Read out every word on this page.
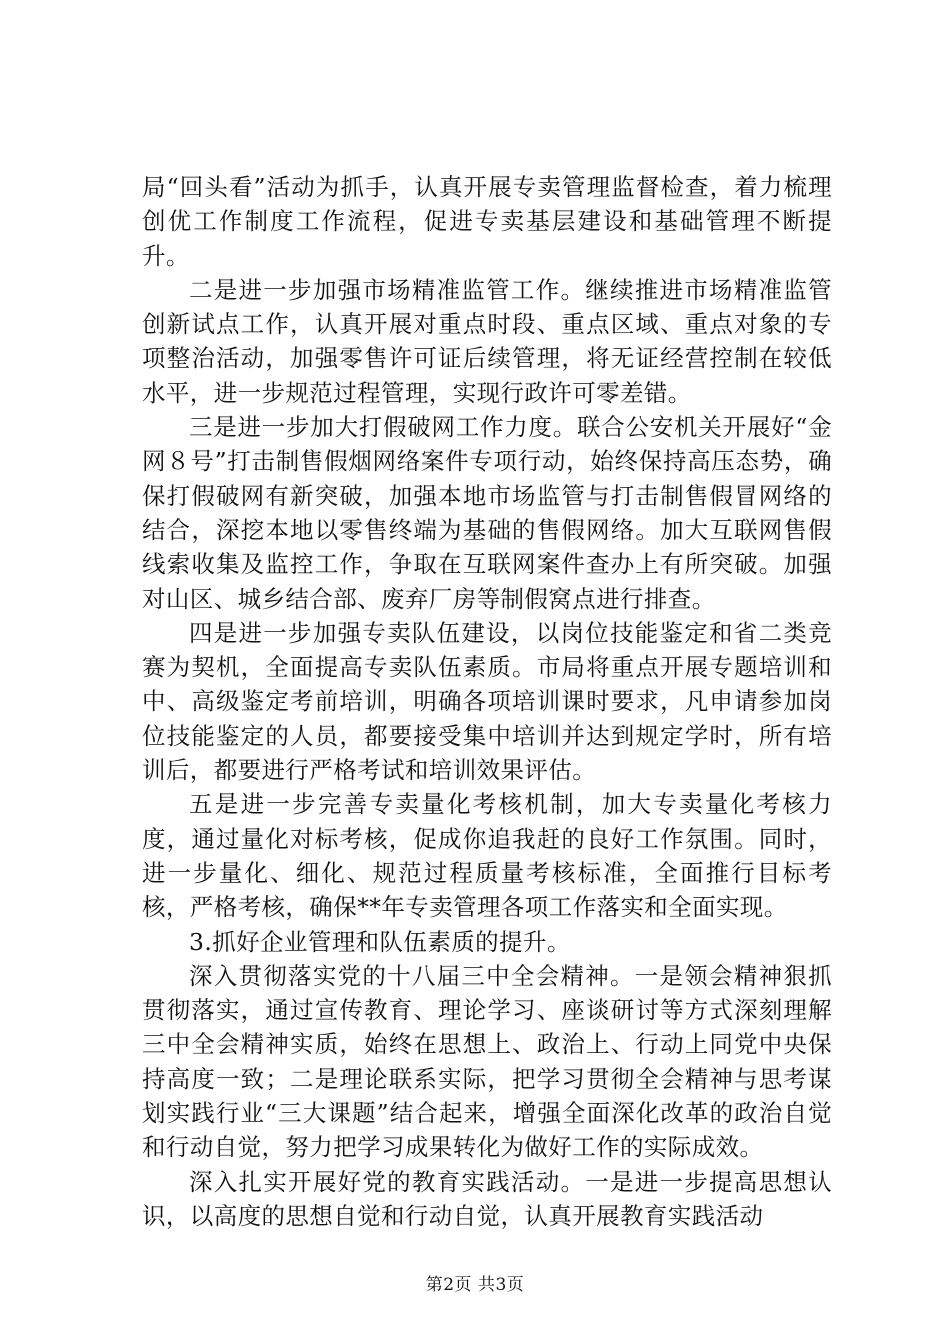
局“回头看”活动为抓手，认真开展专卖管理监督检查，着力梳理创优工作制度工作流程，促进专卖基层建设和基础管理不断提升。

二是进一步加强市场精准监管工作。继续推进市场精准监管创新试点工作，认真开展对重点时段、重点区域、重点对象的专项整治活动，加强零售许可证后续管理，将无证经营控制在较低水平，进一步规范过程管理，实现行政许可零差错。

三是进一步加大打假破网工作力度。联合公安机关开展好“金网８号”打击制售假烟网络案件专项行动，始终保持高压态势，确保打假破网有新突破，加强本地市场监管与打击制售假冒网络的结合，深挖本地以零售终端为基础的售假网络。加大互联网售假线索收集及监控工作，争取在互联网案件查办上有所突破。加强对山区、城乡结合部、废弃厂房等制假窝点进行排查。

四是进一步加强专卖队伍建设，以岗位技能鉴定和省二类竞赛为契机，全面提高专卖队伍素质。市局将重点开展专题培训和中、高级鉴定考前培训，明确各项培训课时要求，凡申请参加岗位技能鉴定的人员，都要接受集中培训并达到规定学时，所有培训后，都要进行严格考试和培训效果评估。

五是进一步完善专卖量化考核机制，加大专卖量化考核力度，通过量化对标考核，促成你追我赶的良好工作氛围。同时，进一步量化、细化、规范过程质量考核标准，全面推行目标考核，严格考核，确保**年专卖管理各项工作落实和全面实现。

3.抓好企业管理和队伍素质的提升。

深入贯彻落实党的十八届三中全会精神。一是领会精神狠抓贯彻落实，通过宣传教育、理论学习、座谈研讨等方式深刻理解三中全会精神实质，始终在思想上、政治上、行动上同党中央保持高度一致；二是理论联系实际，把学习贯彻全会精神与思考谋划实践行业“三大课题”结合起来，增强全面深化改革的政治自觉和行动自觉，努力把学习成果转化为做好工作的实际成效。

深入扎实开展好党的教育实践活动。一是进一步提高思想认识，以高度的思想自觉和行动自觉，认真开展教育实践活动

第2页 共3页
